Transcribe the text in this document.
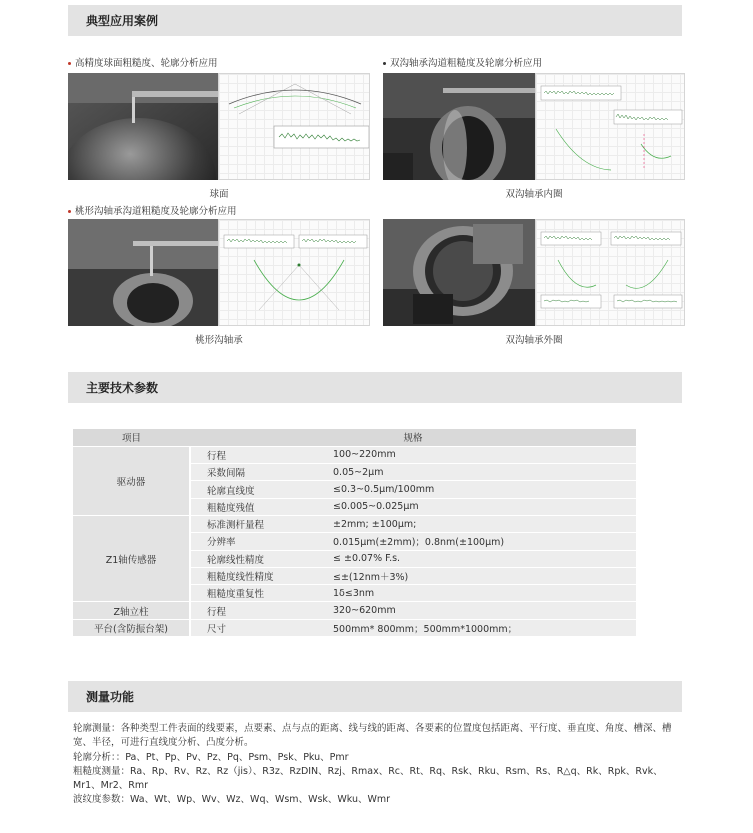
典型应用案例
高精度球面粗糙度、轮廓分析应用
球面
双沟轴承沟道粗糙度及轮廓分析应用
双沟轴承内圈
桃形沟轴承沟道粗糙度及轮廓分析应用
桃形沟轴承	双沟轴承外圈
主要技术参数
项目	规格	
驱动器	行程	100~220mm
	采数间隔	0.05~2μm
	轮廓直线度	≤0.3~0.5μm/100mm
	粗糙度残值	≤0.005~0.025μm
Z1轴传感器	标准测杆量程	±2mm; ±100μm;
	分辨率	0.015μm(±2mm)；0.8nm(±100μm)
	轮廓线性精度	≤ ±0.07% F.s.
	粗糙度线性精度	≤±(12nm＋3%)
	粗糙度重复性	1δ≤3nm
Z轴立柱	行程	320~620mm
平台(含防振台架)	尺寸	500mm* 800mm；500mm*1000mm；
测量功能

轮廓测量：各种类型工件表面的线要素，点要素、点与点的距离、线与线的距离、各要素的位置度包括距离、平行度、垂直度、角度、槽深、槽宽、半径，可进行直线度分析、凸度分析。

轮廓分析：：Pa、Pt、Pp、Pv、Pz、Pq、Psm、Psk、Pku、Pmr

粗糙度测量：Ra、Rp、Rv、Rz、Rz（jis）、R3z、RzDIN、Rzj、Rmax、Rc、Rt、Rq、Rsk、Rku、Rsm、Rs、R△q、Rk、Rpk、Rvk、Mr1、Mr2、Rmr

波纹度参数：Wa、Wt、Wp、Wv、Wz、Wq、Wsm、Wsk、Wku、Wmr
